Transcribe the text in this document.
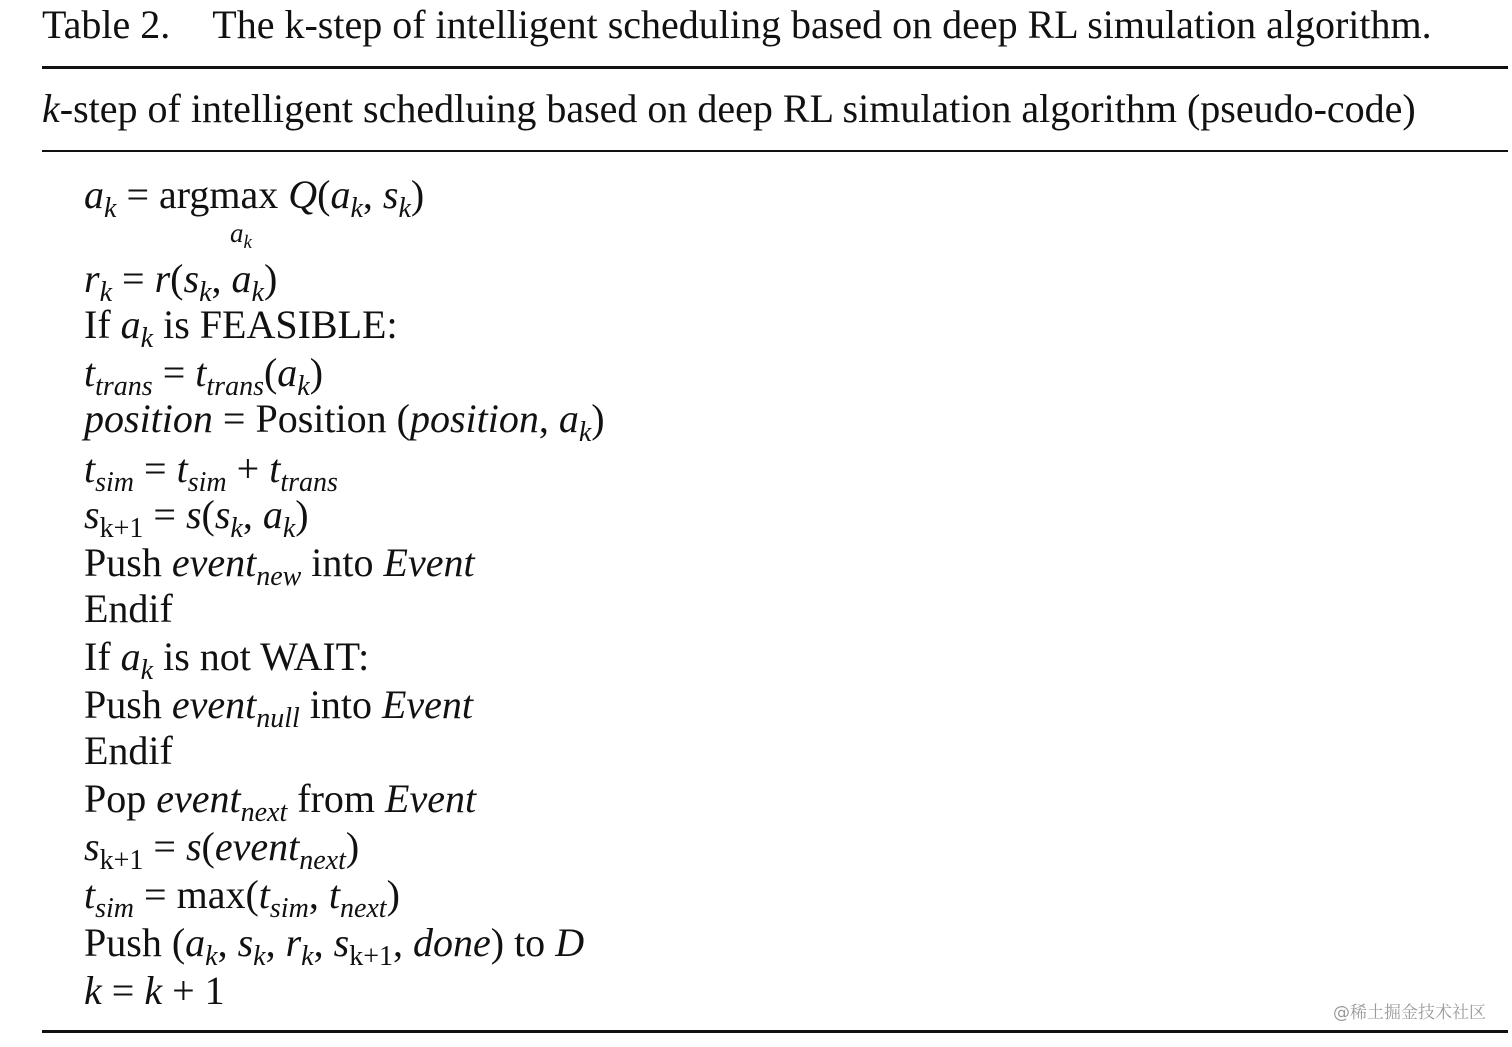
Table 2. The k-step of intelligent scheduling based on deep RL simulation algorithm.
k-step of intelligent schedluing based on deep RL simulation algorithm (pseudo-code)
$a_k = argmax$ $Q(a_k$, $s_k$)
$a_k$
$r_k = r(s_k$, $a_k$)
If $a_k$ is FEASIBLE:
$t_{trans} = t_{trans}(a_k)$
position = Position (position, $a_k$)
$t_{sim} = t_{sim} + t_{trans}$
$s_{k+1} = s(s_k$, $a_k$)
Push event$_{new}$ into Event
Endif
If $a_k$ is not WAIT:
Push event$_{null}$ into Event
Endif
Pop event$_{next}$ from Event
$s_{k+1}$ = s(event$_{next}$)
$t_{sim} = \max(t_{sim}$, $t_{next}$)
Push ($a_k$, $s_k$, $r_k$, $s_{k+1}$, done) to D
k = k + 1	@稀土掘金技术社区
